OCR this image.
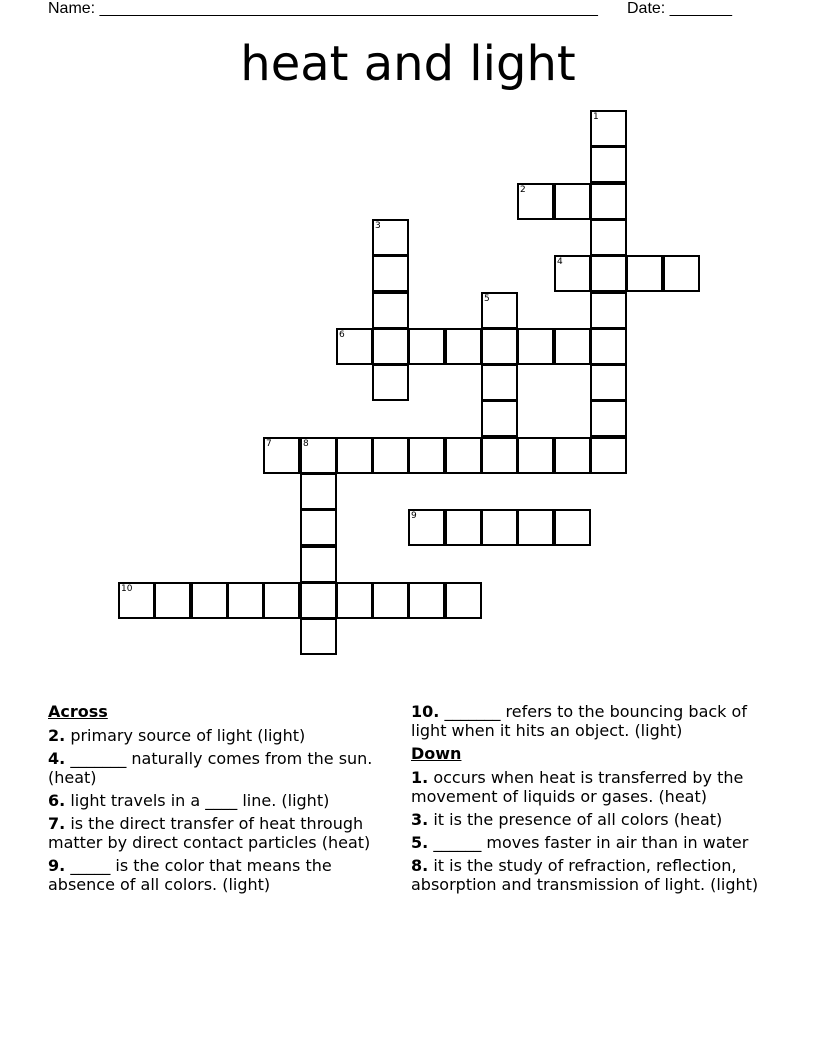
Name: ________________________________________________________ Date: _______
heat and light
1
2
3
4
5
6
7	8
9
10
Across
2. primary source of light (light)
4. _______ naturally comes from the sun. (heat)
6. light travels in a ____ line. (light)
7. is the direct transfer of heat through matter by direct contact particles (heat)
9. _____ is the color that means the absence of all colors. (light)
10. _______ refers to the bouncing back of light when it hits an object. (light)
Down
1. occurs when heat is transferred by the movement of liquids or gases. (heat)
3. it is the presence of all colors (heat)
5. ______ moves faster in air than in water
8. it is the study of refraction, reflection, absorption and transmission of light. (light)
